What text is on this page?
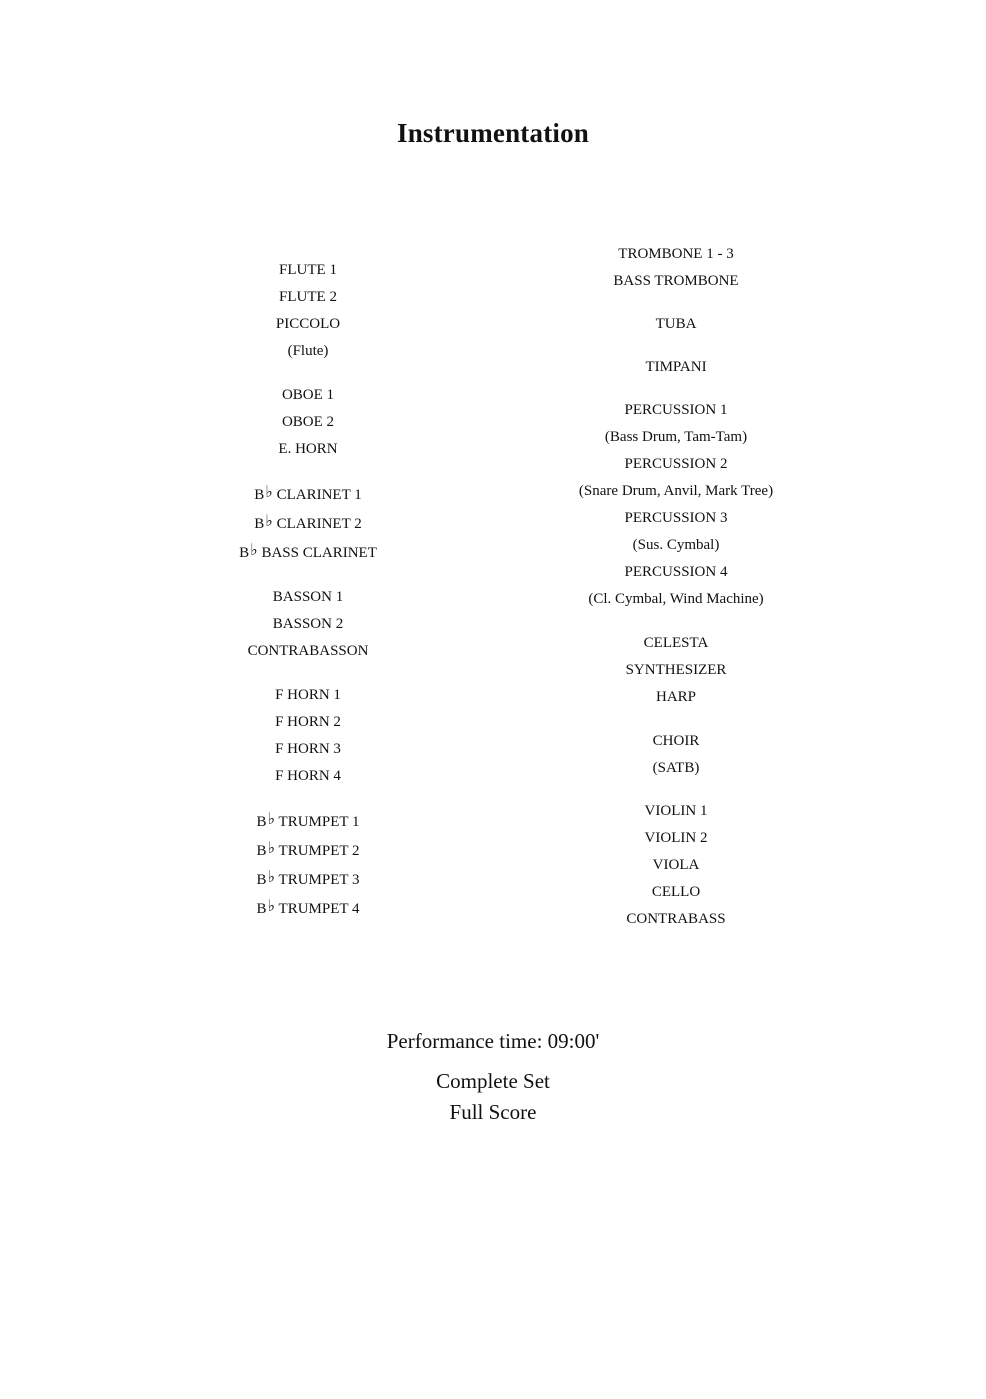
Instrumentation
FLUTE 1
FLUTE 2
PICCOLO
(Flute)
OBOE 1
OBOE 2
E. HORN
B♭ CLARINET 1
B♭ CLARINET 2
B♭ BASS CLARINET
BASSON 1
BASSON 2
CONTRABASSON
F HORN 1
F HORN 2
F HORN 3
F HORN 4
B♭ TRUMPET 1
B♭ TRUMPET 2
B♭ TRUMPET 3
B♭ TRUMPET 4
TROMBONE 1 - 3
BASS TROMBONE
TUBA
TIMPANI
PERCUSSION 1
(Bass Drum, Tam-Tam)
PERCUSSION 2
(Snare Drum, Anvil, Mark Tree)
PERCUSSION 3
(Sus. Cymbal)
PERCUSSION 4
(Cl. Cymbal, Wind Machine)
CELESTA
SYNTHESIZER
HARP
CHOIR
(SATB)
VIOLIN 1
VIOLIN 2
VIOLA
CELLO
CONTRABASS
Performance time: 09:00'
Complete Set
Full Score
